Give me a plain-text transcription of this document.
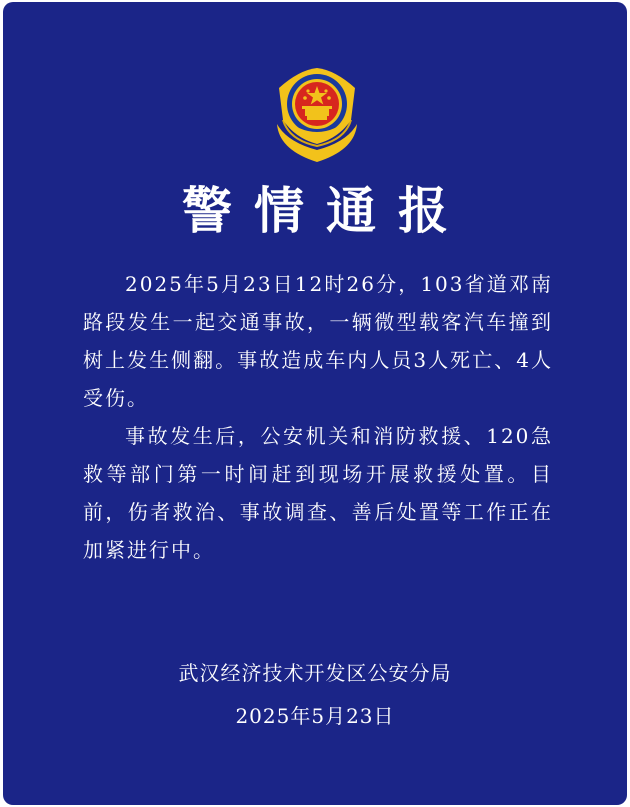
警情通报

2025年5月23日12时26分，103省道邓南路段发生一起交通事故，一辆微型载客汽车撞到树上发生侧翻。事故造成车内人员3人死亡、4人受伤。

事故发生后，公安机关和消防救援、120急救等部门第一时间赶到现场开展救援处置。目前，伤者救治、事故调查、善后处置等工作正在加紧进行中。

武汉经济技术开发区公安分局
2025年5月23日
